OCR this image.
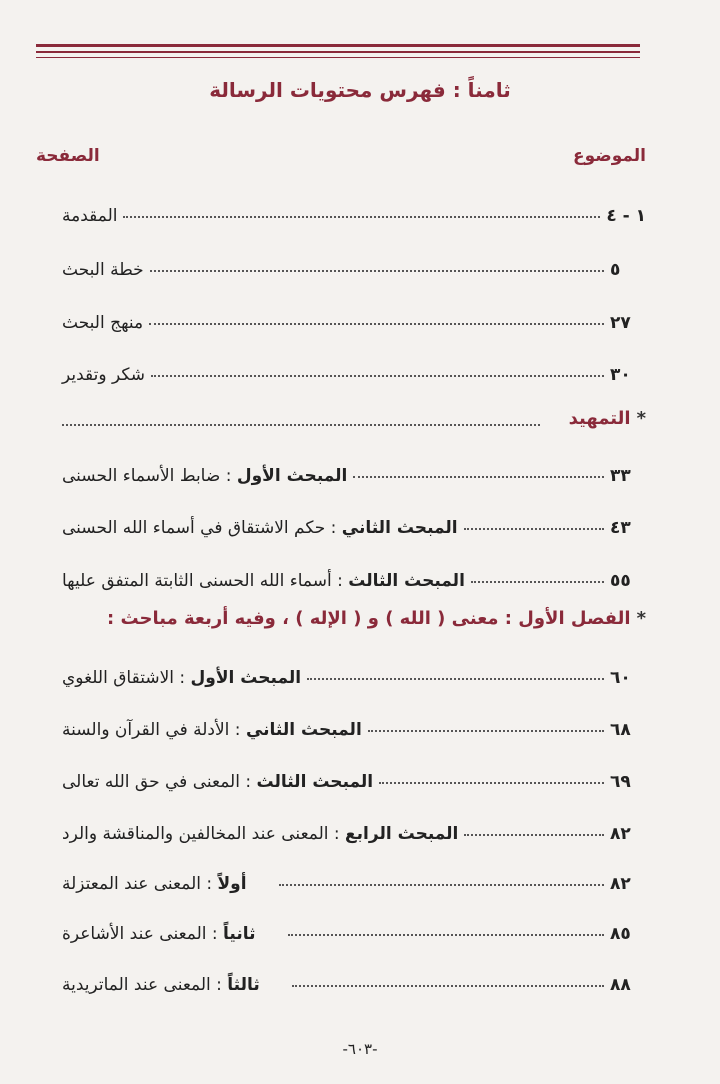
ثامناً : فهرس محتويات الرسالة
الموضوع
الصفحة
المقدمة	١ - ٤
خطة البحث	٥
منهج البحث	٢٧
شكر وتقدير	٣٠
*التمهيد
المبحث الأول : ضابط الأسماء الحسنى	٣٣
المبحث الثاني : حكم الاشتقاق في أسماء الله الحسنى	٤٣
المبحث الثالث : أسماء الله الحسنى الثابتة المتفق عليها	٥٥
*الفصل الأول : معنى ( الله ) و ( الإله ) ، وفيه أربعة مباحث :
المبحث الأول : الاشتقاق اللغوي	٦٠
المبحث الثاني : الأدلة في القرآن والسنة	٦٨
المبحث الثالث : المعنى في حق الله تعالى	٦٩
المبحث الرابع : المعنى عند المخالفين والمناقشة والرد	٨٢
أولاً : المعنى عند المعتزلة	٨٢
ثانياً : المعنى عند الأشاعرة	٨٥
ثالثاً : المعنى عند الماتريدية	٨٨
-٦٠٣-
